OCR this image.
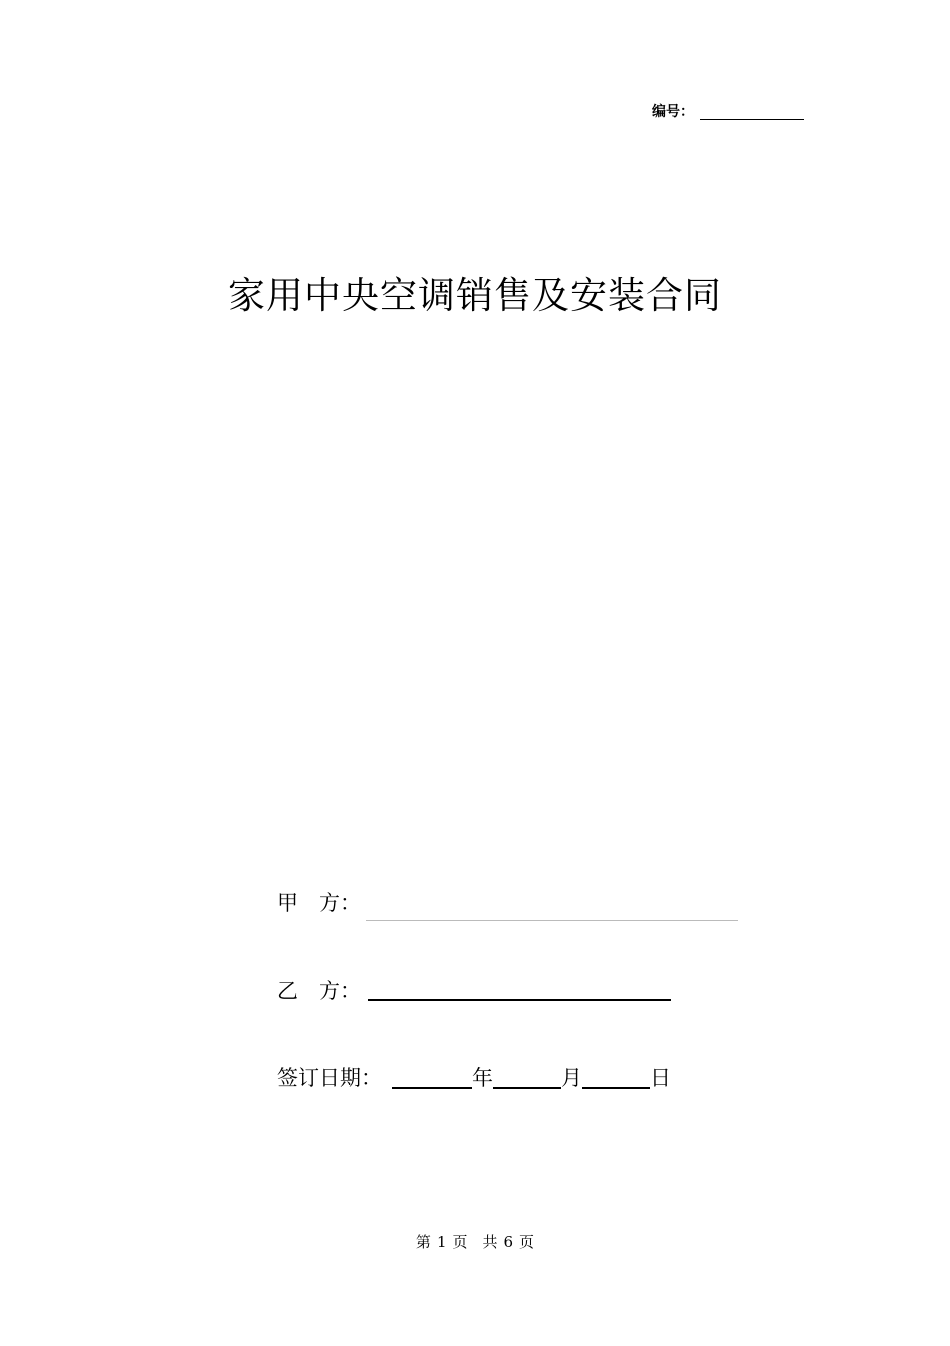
编号：
家用中央空调销售及安装合同
甲　方：
乙　方：
签订日期：	年	月	日
第 1 页　共 6 页
